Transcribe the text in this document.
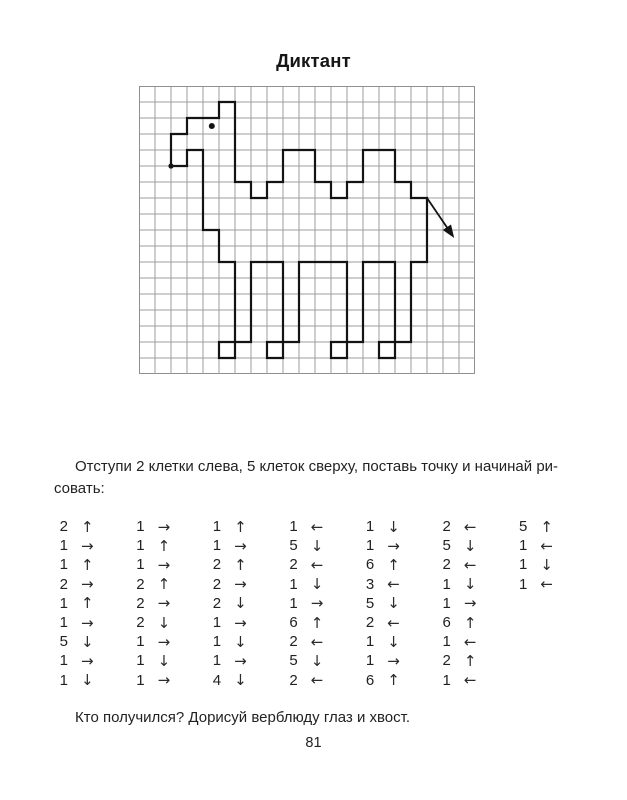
Диктант

Отступи 2 клетки слева, 5 клеток сверху, поставь точку и начинай ри-
совать:

2 ↑
1 →
1 ↑
2 →
1 ↑
1 →
5 ↓
1 →
1 ↓
1 →
1 ↑
1 →
2 ↑
2 →
2 ↓
1 →
1 ↓
1 →
1 ↑
1 →
2 ↑
2 →
2 ↓
1 →
1 ↓
1 →
4 ↓
1 ←
5 ↓
2 ←
1 ↓
1 →
6 ↑
2 ←
5 ↓
2 ←
1 ↓
1 →
6 ↑
3 ←
5 ↓
2 ←
1 ↓
1 →
6 ↑
2 ←
5 ↓
2 ←
1 ↓
1 →
6 ↑
1 ←
2 ↑
1 ←
5 ↑
1 ←
1 ↓
1 ←

Кто получился? Дорисуй верблюду глаз и хвост.

81
